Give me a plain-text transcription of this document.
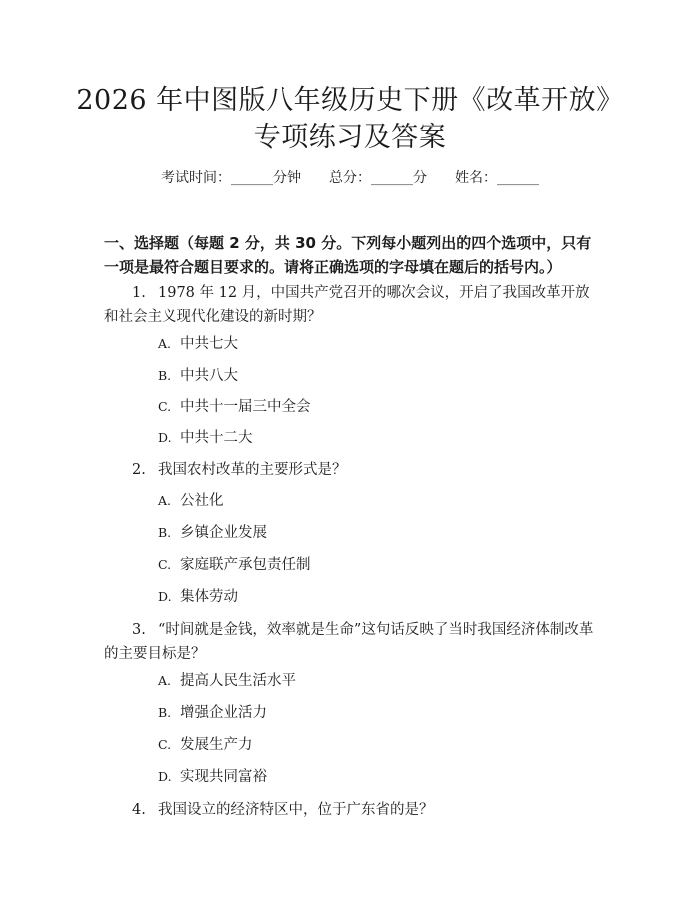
2026 年中图版八年级历史下册《改革开放》
专项练习及答案
考试时间：______分钟 总分：______分 姓名：______
一、选择题（每题 2 分，共 30 分。下列每小题列出的四个选项中，只有一项是最符合题目要求的。请将正确选项的字母填在题后的括号内。）
1. 1978 年 12 月，中国共产党召开的哪次会议，开启了我国改革开放和社会主义现代化建设的新时期？
A. 中共七大
B. 中共八大
C. 中共十一届三中全会
D. 中共十二大
2. 我国农村改革的主要形式是？
A. 公社化
B. 乡镇企业发展
C. 家庭联产承包责任制
D. 集体劳动
3. “时间就是金钱，效率就是生命”这句话反映了当时我国经济体制改革的主要目标是？
A. 提高人民生活水平
B. 增强企业活力
C. 发展生产力
D. 实现共同富裕
4. 我国设立的经济特区中，位于广东省的是？
